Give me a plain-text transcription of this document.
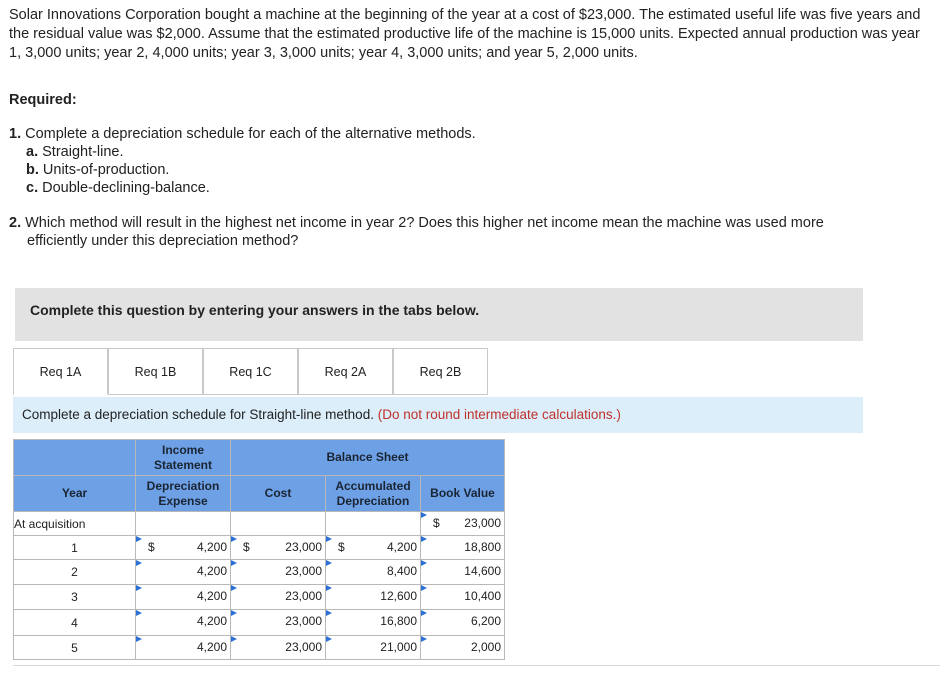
Solar Innovations Corporation bought a machine at the beginning of the year at a cost of $23,000. The estimated useful life was five years and the residual value was $2,000. Assume that the estimated productive life of the machine is 15,000 units. Expected annual production was year 1, 3,000 units; year 2, 4,000 units; year 3, 3,000 units; year 4, 3,000 units; and year 5, 2,000 units.
Required:
1. Complete a depreciation schedule for each of the alternative methods.
a. Straight-line.
b. Units-of-production.
c. Double-declining-balance.
2. Which method will result in the highest net income in year 2? Does this higher net income mean the machine was used more
efficiently under this depreciation method?
Complete this question by entering your answers in the tabs below.
Req 1A	Req 1B	Req 1C	Req 2A	Req 2B
Complete a depreciation schedule for Straight-line method. (Do not round intermediate calculations.)
	Income Statement	Balance Sheet		
Year	Depreciation Expense	Cost	Accumulated Depreciation	Book Value
At acquisition				$ 23,000

1	$ 4,200	$ 23,000	$ 4,200	18,800

2	4,200	23,000	8,400	14,600

3	4,200	23,000	12,600	10,400

4	4,200	23,000	16,800	6,200

5	4,200	23,000	21,000	2,000
